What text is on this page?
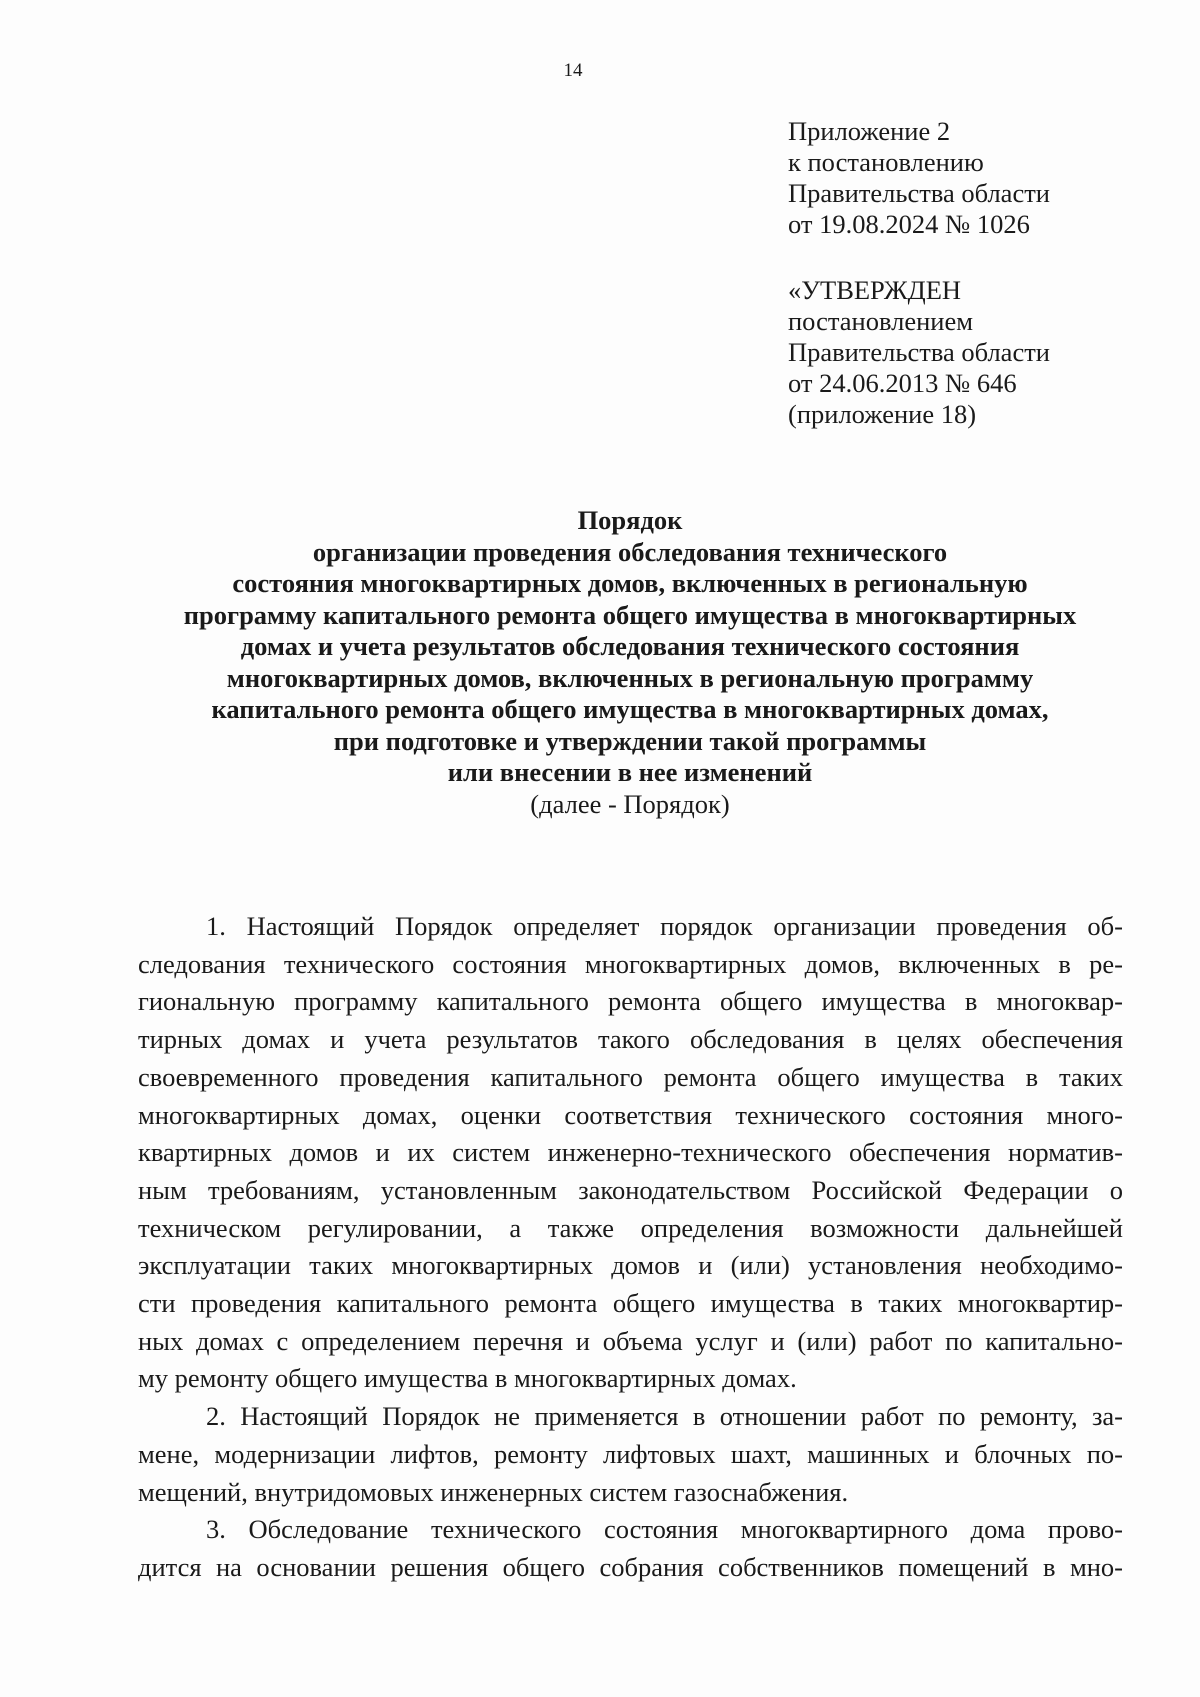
14
Приложение 2
к постановлению
Правительства области
от 19.08.2024 № 1026
«УТВЕРЖДЕН
постановлением
Правительства области
от 24.06.2013 № 646
(приложение 18)
Порядок
организации проведения обследования технического
состояния многоквартирных домов, включенных в региональную
программу капитального ремонта общего имущества в многоквартирных
домах и учета результатов обследования технического состояния
многоквартирных домов, включенных в региональную программу
капитального ремонта общего имущества в многоквартирных домах,
при подготовке и утверждении такой программы
или внесении в нее изменений
(далее - Порядок)
1. Настоящий Порядок определяет порядок организации проведения об-
следования технического состояния многоквартирных домов, включенных в ре-
гиональную программу капитального ремонта общего имущества в многоквар-
тирных домах и учета результатов такого обследования в целях обеспечения
своевременного проведения капитального ремонта общего имущества в таких
многоквартирных домах, оценки соответствия технического состояния много-
квартирных домов и их систем инженерно-технического обеспечения норматив-
ным требованиям, установленным законодательством Российской Федерации о
техническом регулировании, а также определения возможности дальнейшей
эксплуатации таких многоквартирных домов и (или) установления необходимо-
сти проведения капитального ремонта общего имущества в таких многоквартир-
ных домах с определением перечня и объема услуг и (или) работ по капитально-
му ремонту общего имущества в многоквартирных домах.
2. Настоящий Порядок не применяется в отношении работ по ремонту, за-
мене, модернизации лифтов, ремонту лифтовых шахт, машинных и блочных по-
мещений, внутридомовых инженерных систем газоснабжения.
3. Обследование технического состояния многоквартирного дома прово-
дится на основании решения общего собрания собственников помещений в мно-
